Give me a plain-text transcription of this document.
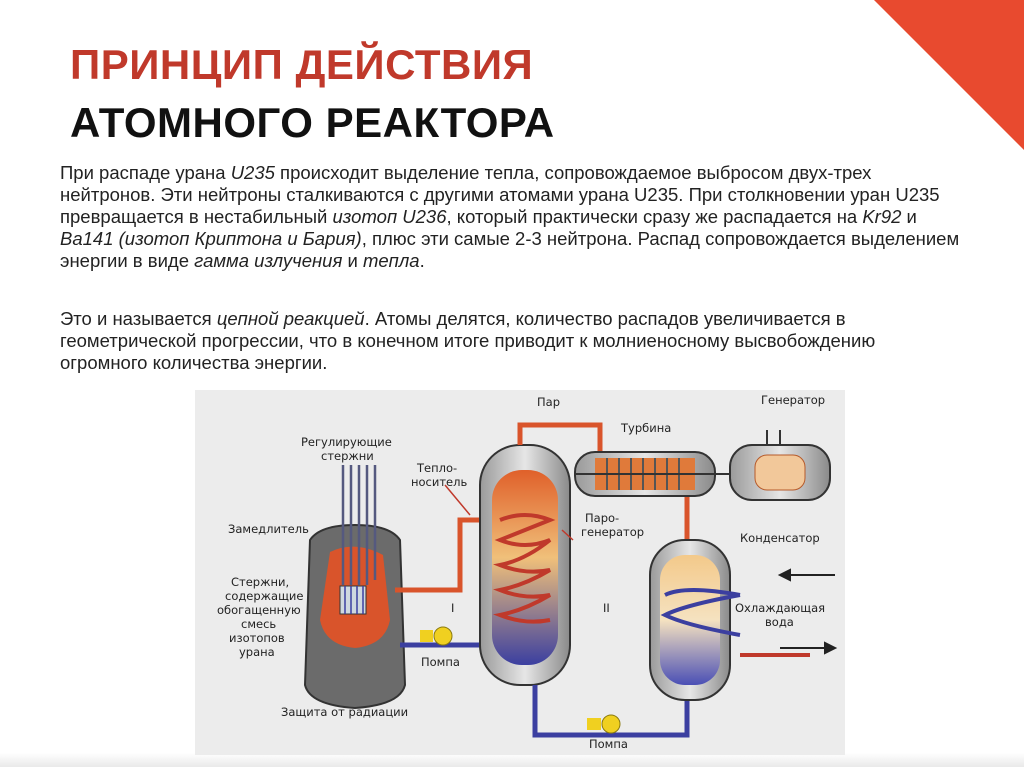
ПРИНЦИП ДЕЙСТВИЯ
АТОМНОГО РЕАКТОРА
При распаде урана U235 происходит выделение тепла, сопровождаемое выбросом двух-трех нейтронов. Эти нейтроны сталкиваются с другими атомами урана U235. При столкновении уран U235 превращается в нестабильный изотоп U236, который практически сразу же распадается на Kr92 и Ba141 (изотоп Криптона и Бария), плюс эти самые 2-3 нейтрона. Распад сопровождается выделением энергии в виде гамма излучения и тепла.
Это и называется цепной реакцией. Атомы делятся, количество распадов увеличивается в геометрической прогрессии, что в конечном итоге приводит к молниеносному высвобождению огромного количества энергии.
Пар
Турбина
Генератор
Регулирующие
стержни
Тепло-
носитель
Замедлитель
Паро-
генератор	Конденсатор
Стержни,
содержащие
обогащенную
смесь
изотопов
урана
I	II	Охлаждающая
вода
Помпа
Защита от радиации
Помпа
